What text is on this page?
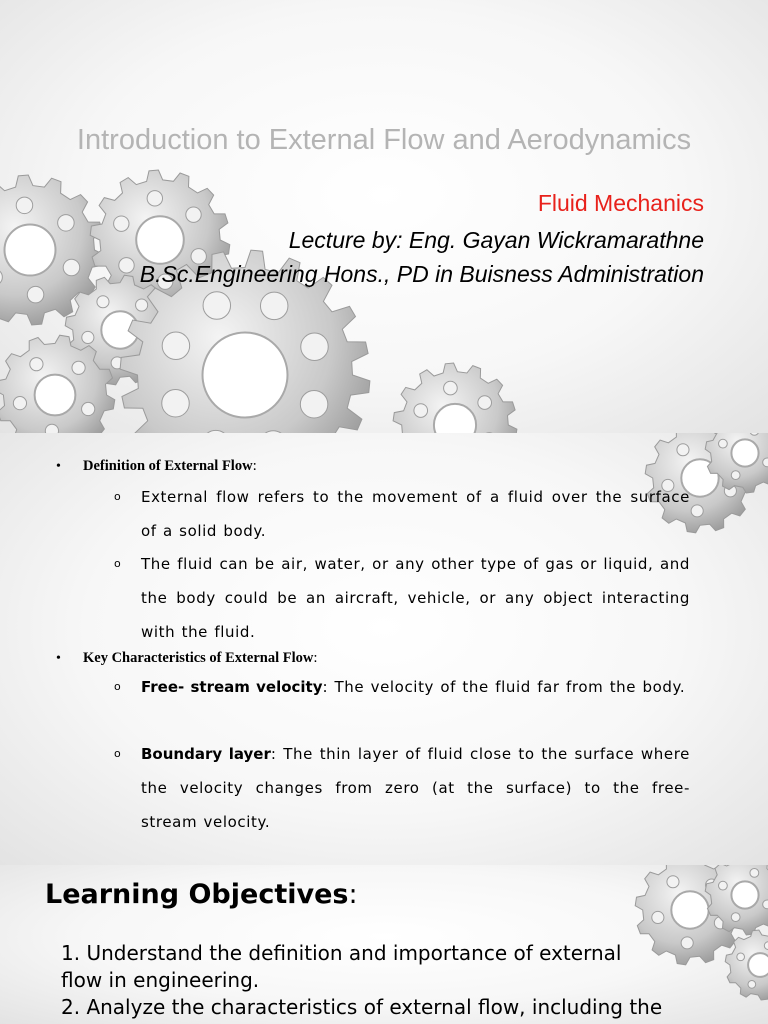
Introduction to External Flow and Aerodynamics

Fluid Mechanics

Lecture by: Eng. Gayan Wickramarathne

B.Sc.Engineering Hons., PD in Buisness Administration

• Definition of External Flow:
o External flow refers to the movement of a fluid over the surface of a solid body.
o The fluid can be air, water, or any other type of gas or liquid, and the body could be an aircraft, vehicle, or any object interacting with the fluid.
• Key Characteristics of External Flow:
o Free- stream velocity: The velocity of the fluid far from the body.
o Boundary layer: The thin layer of fluid close to the surface where the velocity changes from zero (at the surface) to the free- stream velocity.
Learning Objectives:

1. Understand the definition and importance of external

flow in engineering.

2. Analyze the characteristics of external flow, including the
